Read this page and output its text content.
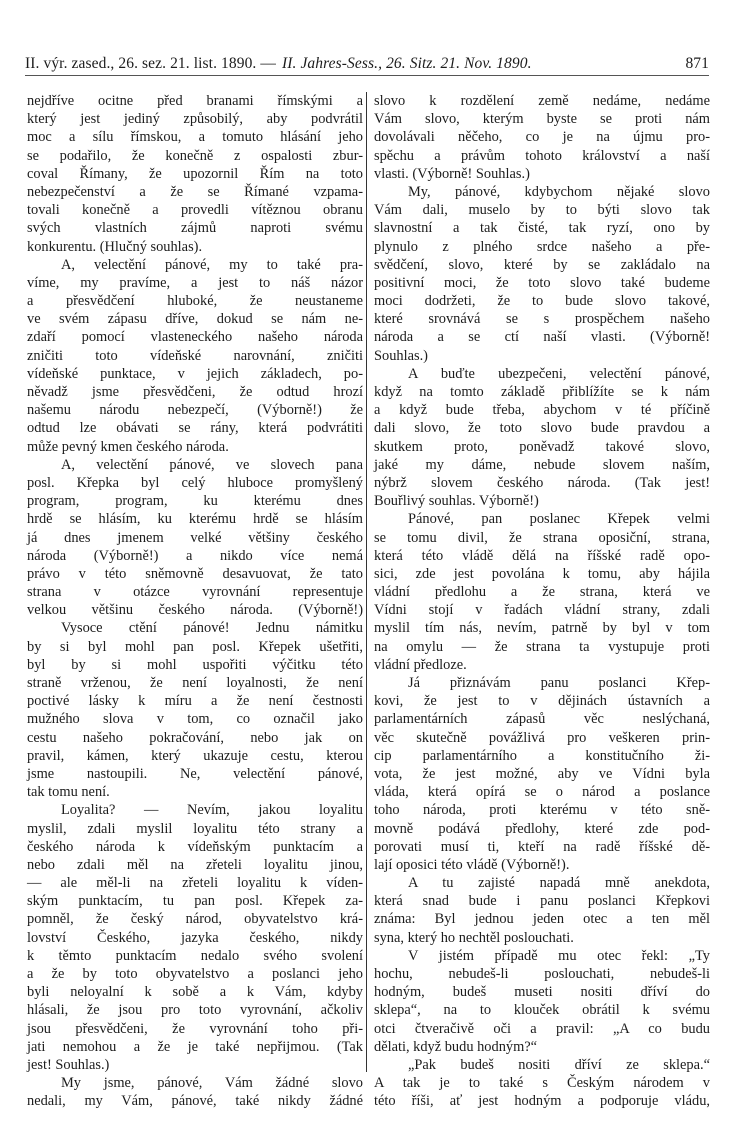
II. výr. zased., 26. sez. 21. list. 1890. — II. Jahres-Sess., 26. Sitz. 21. Nov. 1890.	871
nejdříve ocitne před branami římskými a
který jest jediný způsobilý, aby podvrátil
moc a sílu římskou, a tomuto hlásání jeho
se podařilo, že konečně z ospalosti zbur-
coval Římany, že upozornil Řím na toto
nebezpečenství a že se Římané vzpama-
tovali konečně a provedli vítěznou obranu
svých vlastních zájmů naproti svému
konkurentu. (Hlučný souhlas).
A, velectění pánové, my to také pra-
víme, my pravíme, a jest to náš názor
a přesvědčení hluboké, že neustaneme
ve svém zápasu dříve, dokud se nám ne-
zdaří pomocí vlasteneckého našeho národa
zničiti toto vídeňské narovnání, zničiti
vídeňské punktace, v jejich základech, po-
něvadž jsme přesvědčeni, že odtud hrozí
našemu národu nebezpečí, (Výborně!) že
odtud lze obávati se rány, která podvrátiti
může pevný kmen českého národa.
A, velectění pánové, ve slovech pana
posl. Křepka byl celý hluboce promyšlený
program, program, ku kterému dnes
hrdě se hlásím, ku kterému hrdě se hlásím
já dnes jmenem velké většiny českého
národa (Výborně!) a nikdo více nemá
právo v této sněmovně desavuovat, že tato
strana v otázce vyrovnání representuje
velkou většinu českého národa. (Výborně!)
Vysoce ctění pánové! Jednu námitku
by si byl mohl pan posl. Křepek ušetřiti,
byl by si mohl uspořiti výčitku této
straně vrženou, že není loyalnosti, že není
poctivé lásky k míru a že není čestnosti
mužného slova v tom, co označil jako
cestu našeho pokračování, nebo jak on
pravil, kámen, který ukazuje cestu, kterou
jsme nastoupili. Ne, velectění pánové,
tak tomu není.
Loyalita? — Nevím, jakou loyalitu
myslil, zdali myslil loyalitu této strany a
českého národa k vídeňským punktacím a
nebo zdali měl na zřeteli loyalitu jinou,
— ale měl-li na zřeteli loyalitu k víden-
ským punktacím, tu pan posl. Křepek za-
pomněl, že český národ, obyvatelstvo krá-
lovství Českého, jazyka českého, nikdy
k těmto punktacím nedalo svého svolení
a že by toto obyvatelstvo a poslanci jeho
byli neloyalní k sobě a k Vám, kdyby
hlásali, že jsou pro toto vyrovnání, ačkoliv
jsou přesvědčeni, že vyrovnání toho při-
jati nemohou a že je také nepřijmou. (Tak
jest! Souhlas.)
My jsme, pánové, Vám žádné slovo
nedali, my Vám, pánové, také nikdy žádné
slovo k rozdělení země nedáme, nedáme
Vám slovo, kterým byste se proti nám
dovolávali něčeho, co je na újmu pro-
spěchu a právům tohoto království a naší
vlasti. (Výborně! Souhlas.)
My, pánové, kdybychom nějaké slovo
Vám dali, muselo by to býti slovo tak
slavnostní a tak čisté, tak ryzí, ono by
plynulo z plného srdce našeho a pře-
svědčení, slovo, které by se zakládalo na
positivní moci, že toto slovo také budeme
moci dodržeti, že to bude slovo takové,
které srovnává se s prospěchem našeho
národa a se ctí naší vlasti. (Výborně!
Souhlas.)
A buďte ubezpečeni, velectění pánové,
když na tomto základě přiblížíte se k nám
a když bude třeba, abychom v té příčině
dali slovo, že toto slovo bude pravdou a
skutkem proto, poněvadž takové slovo,
jaké my dáme, nebude slovem naším,
nýbrž slovem českého národa. (Tak jest!
Bouřlivý souhlas. Výborně!)
Pánové, pan poslanec Křepek velmi
se tomu divil, že strana oposiční, strana,
která této vládě dělá na říšské radě opo-
sici, zde jest povolána k tomu, aby hájila
vládní předlohu a že strana, která ve
Vídni stojí v řadách vládní strany, zdali
myslil tím nás, nevím, patrně by byl v tom
na omylu — že strana ta vystupuje proti
vládní předloze.
Já přiznávám panu poslanci Křep-
kovi, že jest to v dějinách ústavních a
parlamentárních zápasů věc neslýchaná,
věc skutečně povážlivá pro veškeren prin-
cip parlamentárního a konstitučního ži-
vota, že jest možné, aby ve Vídni byla
vláda, která opírá se o národ a poslance
toho národa, proti kterému v této sně-
movně podává předlohy, které zde pod-
porovati musí ti, kteří na radě říšské dě-
lají oposici této vládě (Výborně!).
A tu zajisté napadá mně anekdota,
která snad bude i panu poslanci Křepkovi
známa: Byl jednou jeden otec a ten měl
syna, který ho nechtěl poslouchati.
V jistém případě mu otec řekl: „Ty
hochu, nebudeš-li poslouchati, nebudeš-li
hodným, budeš museti nositi dříví do
sklepa“, na to klouček obrátil k svému
otci čtveračivě oči a pravil: „A co budu
dělati, když budu hodným?“
„Pak budeš nositi dříví ze sklepa.“
A tak je to také s Českým národem v
této říši, ať jest hodným a podporuje vládu,
